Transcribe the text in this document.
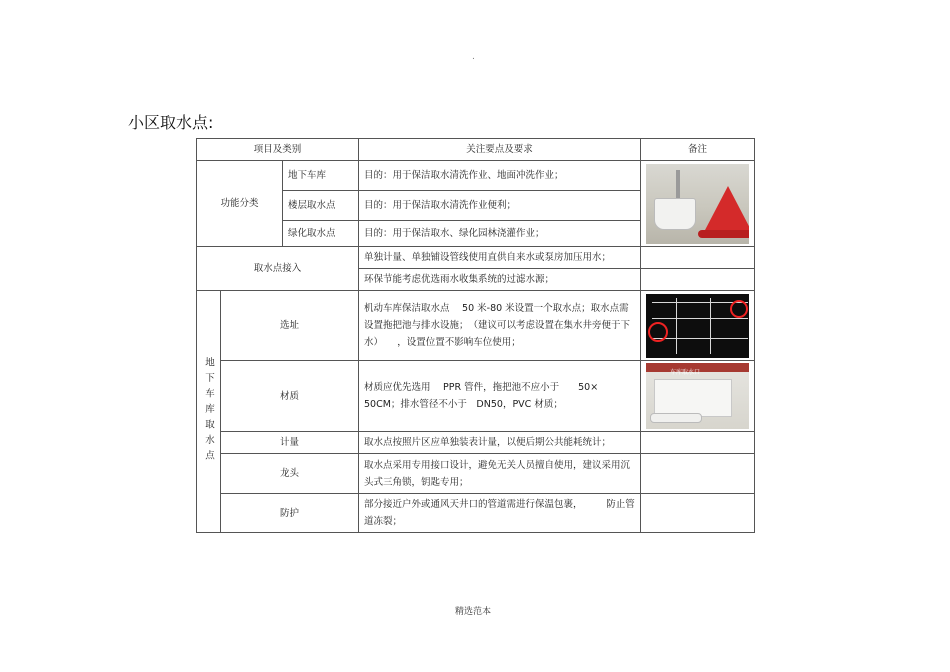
.
小区取水点:
项目及类别			关注要点及要求	备注
功能分类		地下车库	目的：用于保洁取水清洗作业、地面冲洗作业；	

		楼层取水点	目的：用于保洁取水清洗作业便利；	
		绿化取水点	目的：用于保洁取水、绿化园林浇灌作业；	
取水点接入			单独计量、单独铺设管线使用直供自来水或泵房加压用水；	
			环保节能考虑优选雨水收集系统的过滤水源；	
地下车库取水点	选址		机动车库保洁取水点　 50 米-80 米设置一个取水点；取水点需设置拖把池与排水设施；　（建议可以考虑设置在集水井旁便于下水）　　，设置位置不影响车位使用；	

	材质		材质应优先选用　 PPR 管件，拖把池不应小于　　50× 50CM；排水管径不小于　DN50，PVC 材质；	车库取水口

	计量		取水点按照片区应单独装表计量，以便后期公共能耗统计；	
	龙头		取水点采用专用接口设计，避免无关人员擅自使用，建议采用沉头式三角锁，钥匙专用；	
	防护		部分接近户外或通风天井口的管道需进行保温包裹，　　　防止管道冻裂；	
精选范本
